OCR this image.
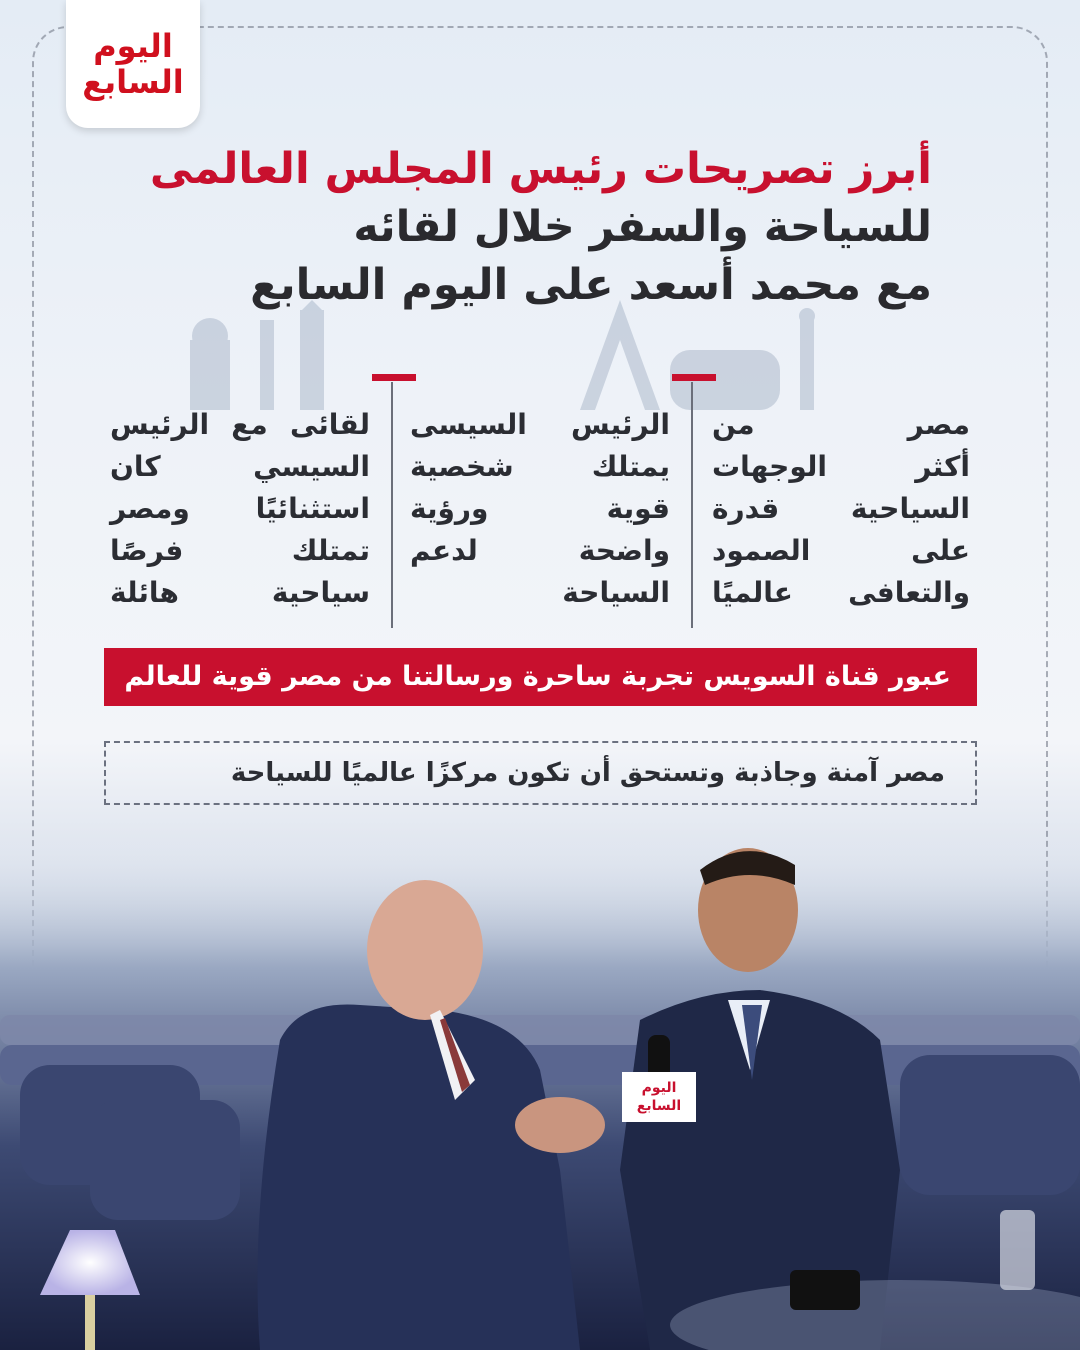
اليوم
السابع
أبرز تصريحات رئيس المجلس العالمى
للسياحة والسفر خلال لقائه
مع محمد أسعد على اليوم السابع
مصر من
أكثر الوجهات
السياحية قدرة
على الصمود
والتعافى عالميًا
الرئيس السيسى
يمتلك شخصية
قوية ورؤية
واضحة لدعم
السياحة
لقائى مع الرئيس
السيسي كان
استثنائيًا ومصر
تمتلك فرصًا
سياحية هائلة
عبور قناة السويس تجربة ساحرة ورسالتنا من مصر قوية للعالم
مصر آمنة وجاذبة وتستحق أن تكون مركزًا عالميًا للسياحة
اليوم
السابع
